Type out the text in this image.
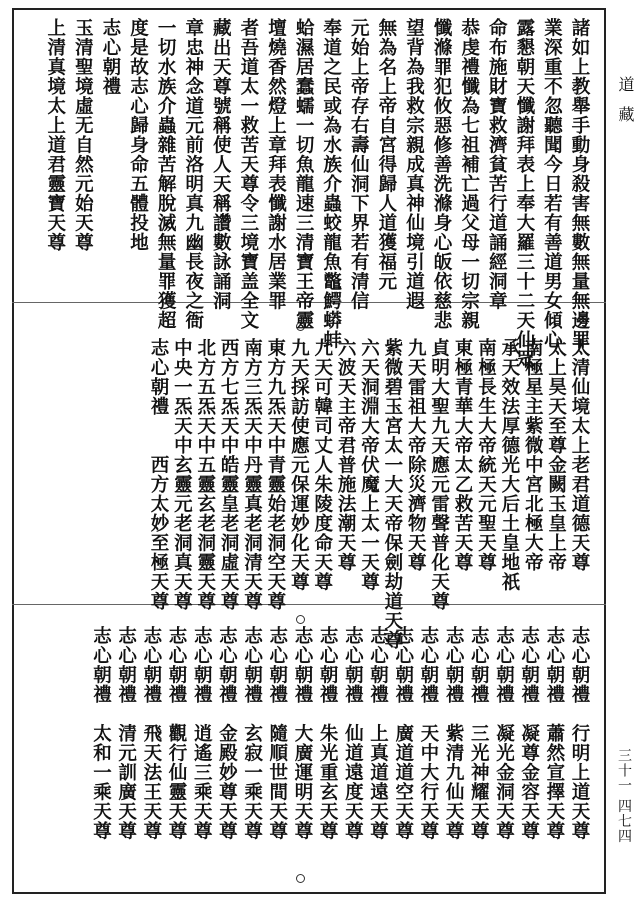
道藏
三十一 四七四
諸如上教舉手動身殺害無數無量無邊罪
業深重不忽聽聞今日若有善道男女傾心
露懇朝天懺謝拜表上奉大羅三十二天仙眾
命布施財寶救濟貧苦行道誦經洞章
恭虔禮懺為七祖補亡過父母一切宗親
懺滌罪犯攸惡修善洗滌身心皈依慈悲
望背為我救宗親成真神仙境引道遐
無為名上帝自宮得歸人道獲福元
元始上帝存右壽仙洞下界若有清信
奉道之民或為水族介蟲蛟龍魚鼈鰐蟒蚌
蛤濕居蠢蠕一切魚龍速三清寶王帝靈
壇燒香然燈上章拜表懺謝水居業罪
者吾道太一救苦天尊令三境寶盖全文
藏出天尊號稱使人天稱讚數詠誦洞
章忠神念道元前洛明真九幽長夜之衙
一切水族介蟲雜苦解脫滅無量罪獲超
度是故志心歸身命五體投地
志心朝禮
玉清聖境虛无自然元始天尊
上清真境太上道君靈寶天尊
太清仙境太上老君道德天尊
太上昊天至尊金闕玉皇上帝
南極星主紫微中宮北極大帝
承天效法厚德光大后土皇地祇
南極長生大帝統天元聖天尊
東極青華大帝太乙救苦天尊
貞明大聖九天應元雷聲普化天尊
九天雷祖大帝除災濟物天尊
紫微碧玉宮太一大天帝保劍劫道天尊
六天洞淵大帝伏魔上太一天尊
六波天主帝君普施法潮天尊
九天可韓司丈人朱陵度命天尊
九天採訪使應元保運妙化天尊
東方九炁天中青靈始老洞空天尊
南方三炁天中丹靈真老洞清天尊
西方七炁天中皓靈皇老洞虛天尊
北方五炁天中五靈玄老洞靈天尊
中央一炁天中玄靈元老洞真天尊
志心朝禮　　西方太妙至極天尊
志心朝禮　行明上道天尊
志心朝禮　蕭然宣擇天尊
志心朝禮　凝尊金容天尊
志心朝禮　凝光金洞天尊
志心朝禮　三光神耀天尊
志心朝禮　紫清九仙天尊
志心朝禮　天中大行天尊
志心朝禮　廣道道空天尊
志心朝禮　上真道遠天尊
志心朝禮　仙道遠度天尊
志心朝禮　朱光重玄天尊
志心朝禮　大廣運明天尊
志心朝禮　隨順世間天尊
志心朝禮　玄寂一乘天尊
志心朝禮　金殿妙尊天尊
志心朝禮　逍遙三乘天尊
志心朝禮　觀行仙靈天尊
志心朝禮　飛天法王天尊
志心朝禮　清元訓廣天尊
志心朝禮　太和一乘天尊
